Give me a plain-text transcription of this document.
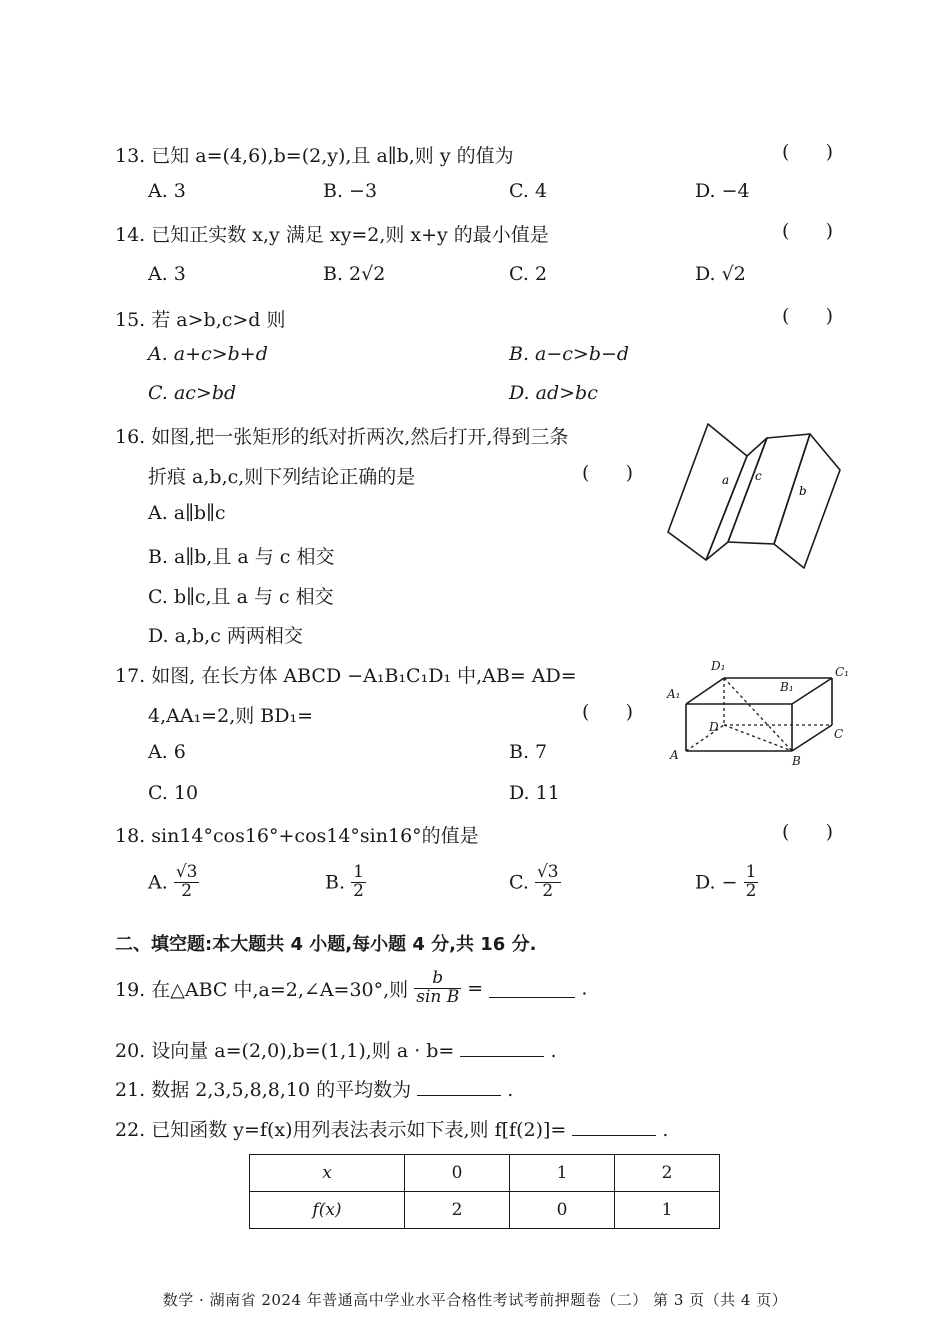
13. 已知 a=(4,6),b=(2,y),且 a∥b,则 y 的值为	(      )
A. 3	B. −3	C. 4	D. −4
14. 已知正实数 x,y 满足 xy=2,则 x+y 的最小值是	(      )
A. 3	B. 2√2	C. 2	D. √2
15. 若 a>b,c>d 则	(      )
A. a+c>b+d	B. a−c>b−d
C. ac>bd	D. ad>bc
16. 如图,把一张矩形的纸对折两次,然后打开,得到三条
折痕 a,b,c,则下列结论正确的是	(      )
A. a∥b∥c
B. a∥b,且 a 与 c 相交
C. b∥c,且 a 与 c 相交
D. a,b,c 两两相交
a c
b
17. 如图, 在长方体 ABCD −A₁B₁C₁D₁ 中,AB= AD=
4,AA₁=2,则 BD₁=	(      )
A. 6	B. 7
C. 10	D. 11
D₁	C₁
A₁	B₁
D	C
A	B
18. sin14°cos16°+cos14°sin16°的值是	(      )
A. $\frac{√3}{2}$	B. $\frac{1}{2}$	C. $\frac{√3}{2}$	D. − $\frac{1}{2}$
二、填空题:本大题共 4 小题,每小题 4 分,共 16 分.
19. 在△ABC 中,a=2,∠A=30°,则 $\frac{b}{\text{sin B}}$ =	.
20. 设向量 a=(2,0),b=(1,1),则 a · b=	.
21. 数据 2,3,5,8,8,10 的平均数为	.
22. 已知函数 y=f(x)用列表法表示如下表,则 f[f(2)]=	.
x	0	1	2
f(x)	2	0	1
数学 · 湖南省 2024 年普通高中学业水平合格性考试考前押题卷（二） 第 3 页（共 4 页）
